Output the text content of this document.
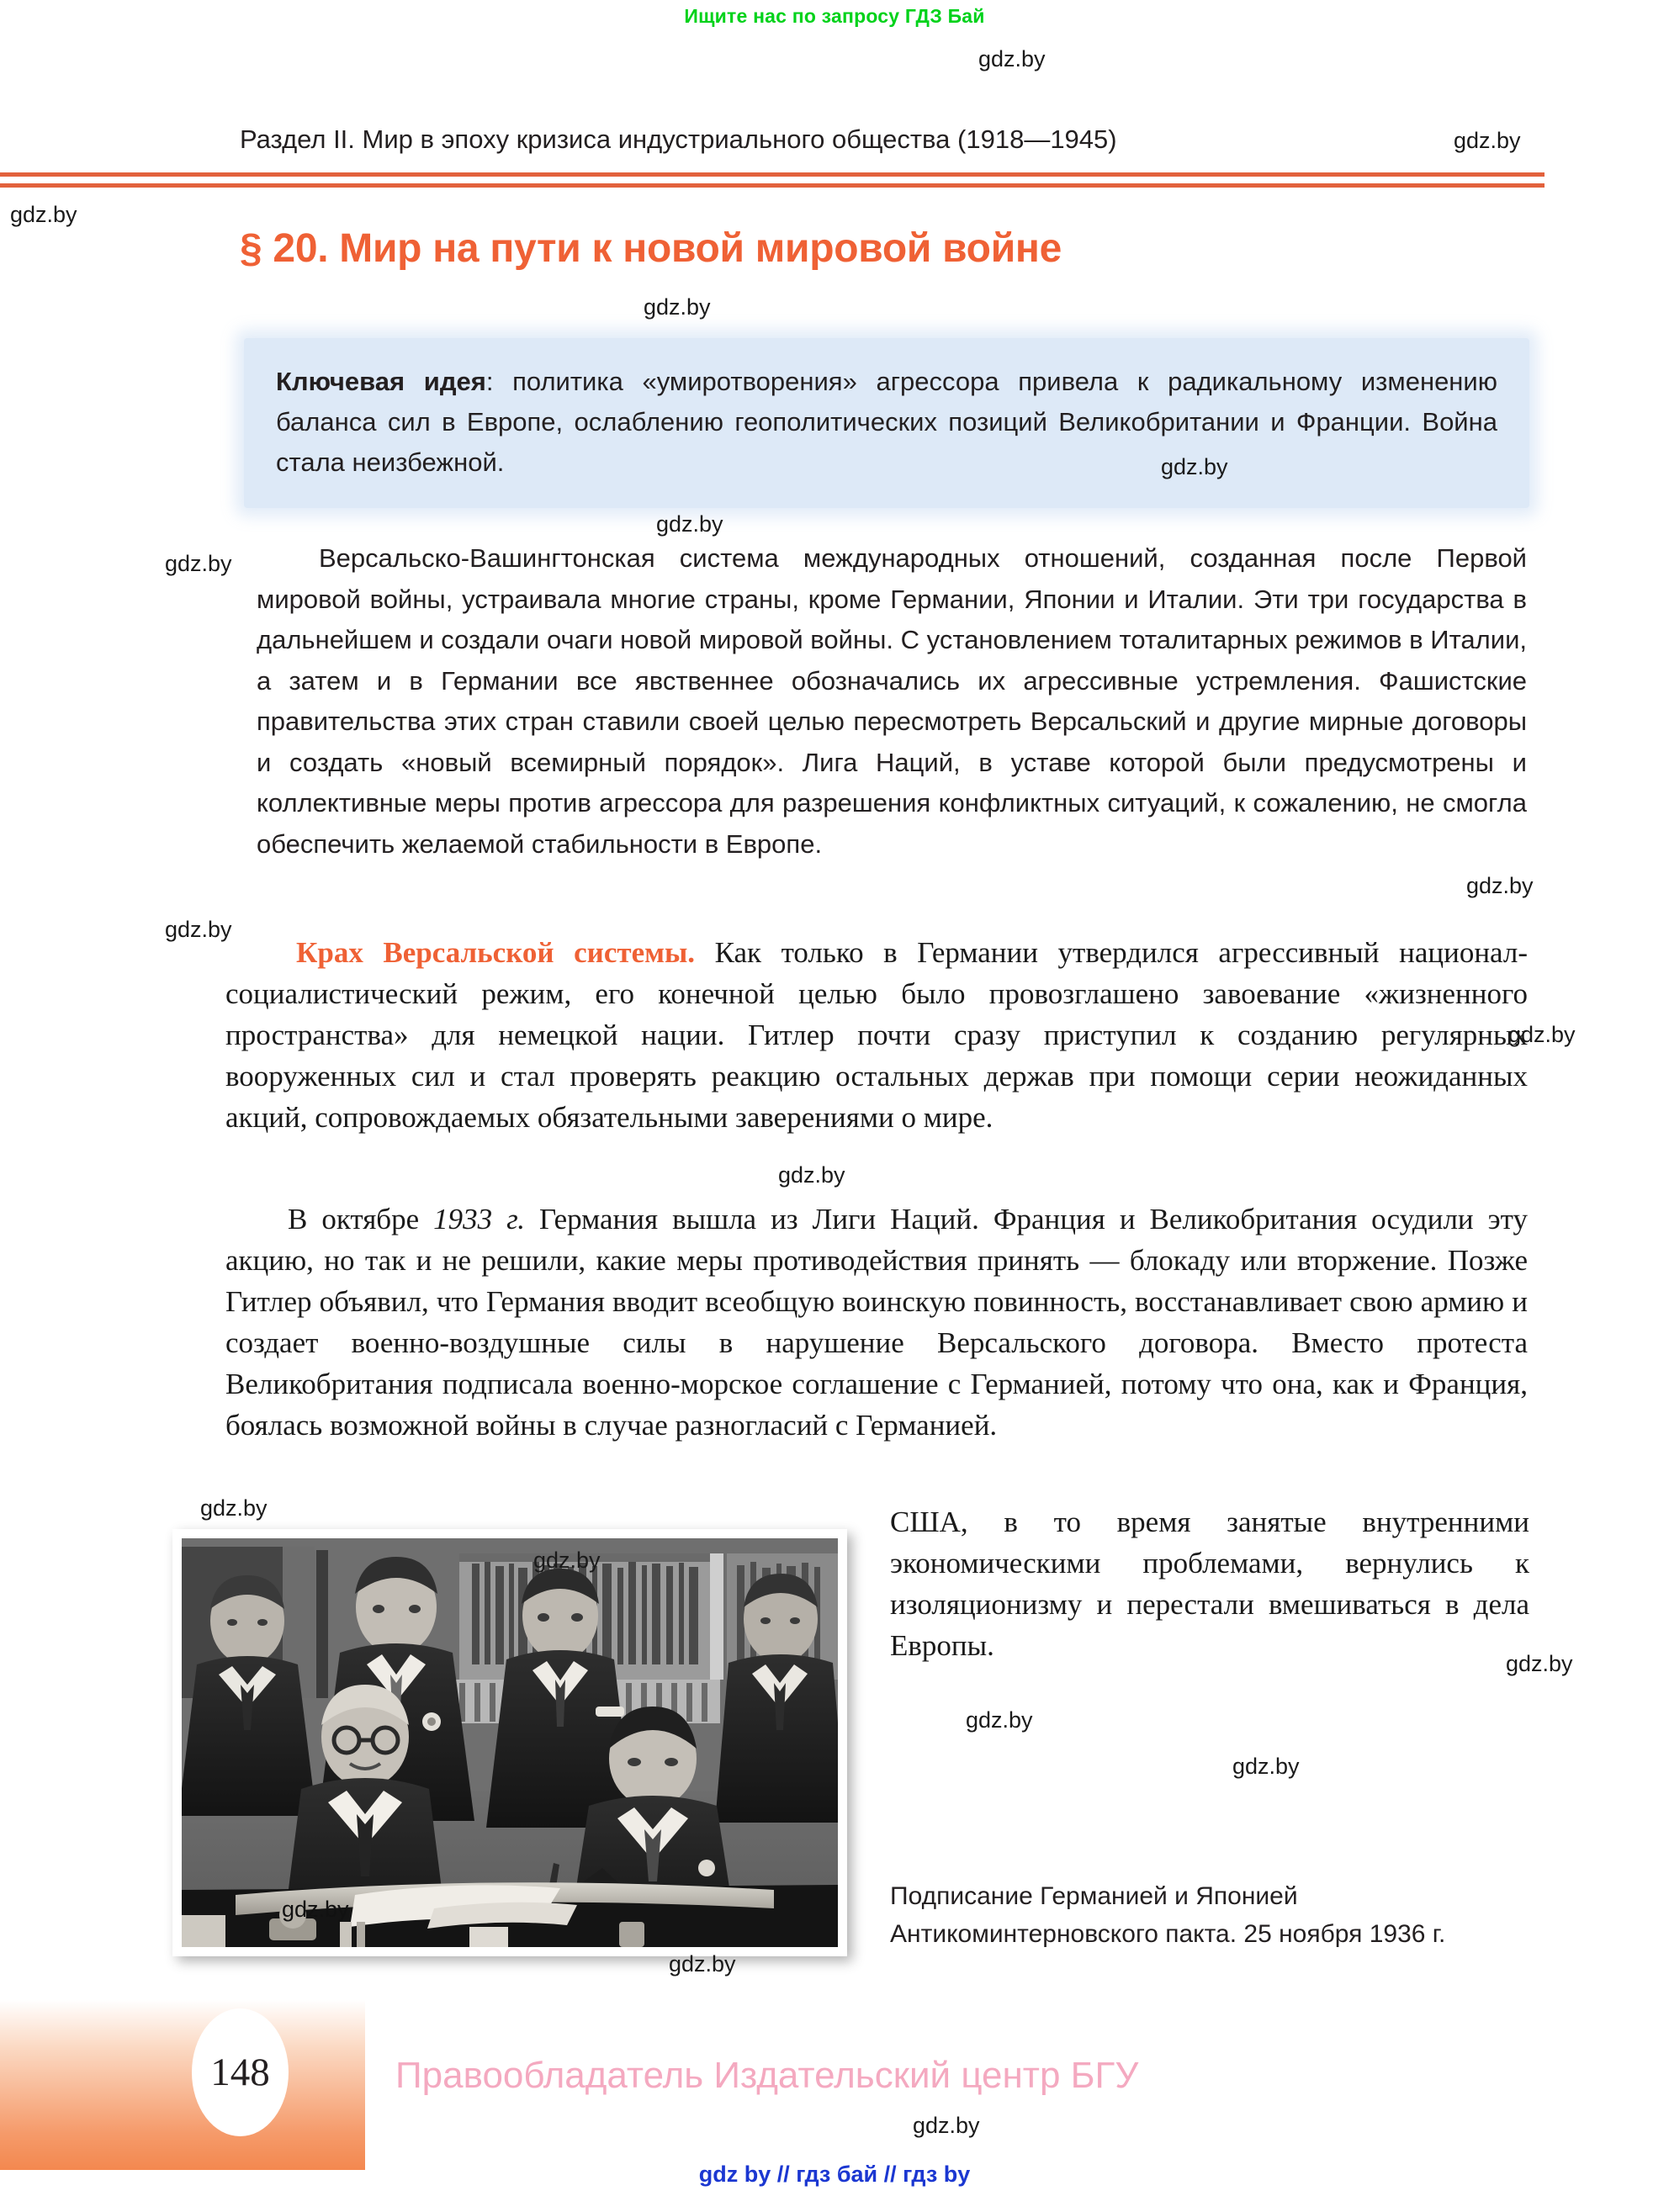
Ищите нас по запросу ГДЗ Бай
gdz.by
Раздел II. Мир в эпоху кризиса индустриального общества (1918—1945)	gdz.by
gdz.by
§ 20. Мир на пути к новой мировой войне
gdz.by

Ключевая идея: политика «умиротворения» агрессора привела к радикальному изменению баланса сил в Европе, ослаблению геополитических позиций Великобритании и Франции. Война стала неизбежной.	gdz.by
gdz.by
gdz.by	Версальско-Вашингтонская система международных отношений, созданная после Первой мировой войны, устраивала многие страны, кроме Германии, Японии и Италии. Эти три государства в дальнейшем и создали очаги новой мировой войны. С установлением тоталитарных режимов в Италии, а затем и в Германии все явственнее обозначались их агрессивные устремления. Фашистские правительства этих стран ставили своей целью пересмотреть Версальский и другие мирные договоры и создать «новый всемирный порядок». Лига Наций, в уставе которой были предусмотрены и коллективные меры против агрессора для разрешения конфликтных ситуаций, к сожалению, не смогла обеспечить желаемой стабильности в Европе.

gdz.by
gdz.by

Крах Версальской системы. Как только в Германии утвердился агрессивный национал-социалистический режим, его конечной целью было провозглашено завоевание «жизненного пространства» для немецкой нации. Гитлер почти сразу приступил к созданию регулярных вооруженных сил и стал проверять реакцию остальных держав при помощи серии неожиданных акций, сопровождаемых обязательными заверениями о мире.

gdz.by
gdz.by

В октябре 1933 г. Германия вышла из Лиги Наций. Франция и Великобритания осудили эту акцию, но так и не решили, какие меры противодействия принять — блокаду или вторжение. Позже Гитлер объявил, что Германия вводит всеобщую воинскую повинность, восстанавливает свою армию и создает военно-воздушные силы в нарушение Версальского договора. Вместо протеста Великобритания подписала военно-морское соглашение с Германией, потому что она, как и Франция, боялась возможной войны в случае разногласий с Германией.

gdz.by
gdz.by
gdz.by
gdz.by

США, в то время занятые внутренними экономическими проблемами, вернулись к изоляционизму и перестали вмешиваться в дела Европы.

gdz.by
gdz.by
gdz.by
Подписание Германией и Японией Антикоминтерновского пакта. 25 ноября 1936 г.
148	Правообладатель Издательский центр БГУ
gdz.by
gdz by // гдз бай // гдз by
